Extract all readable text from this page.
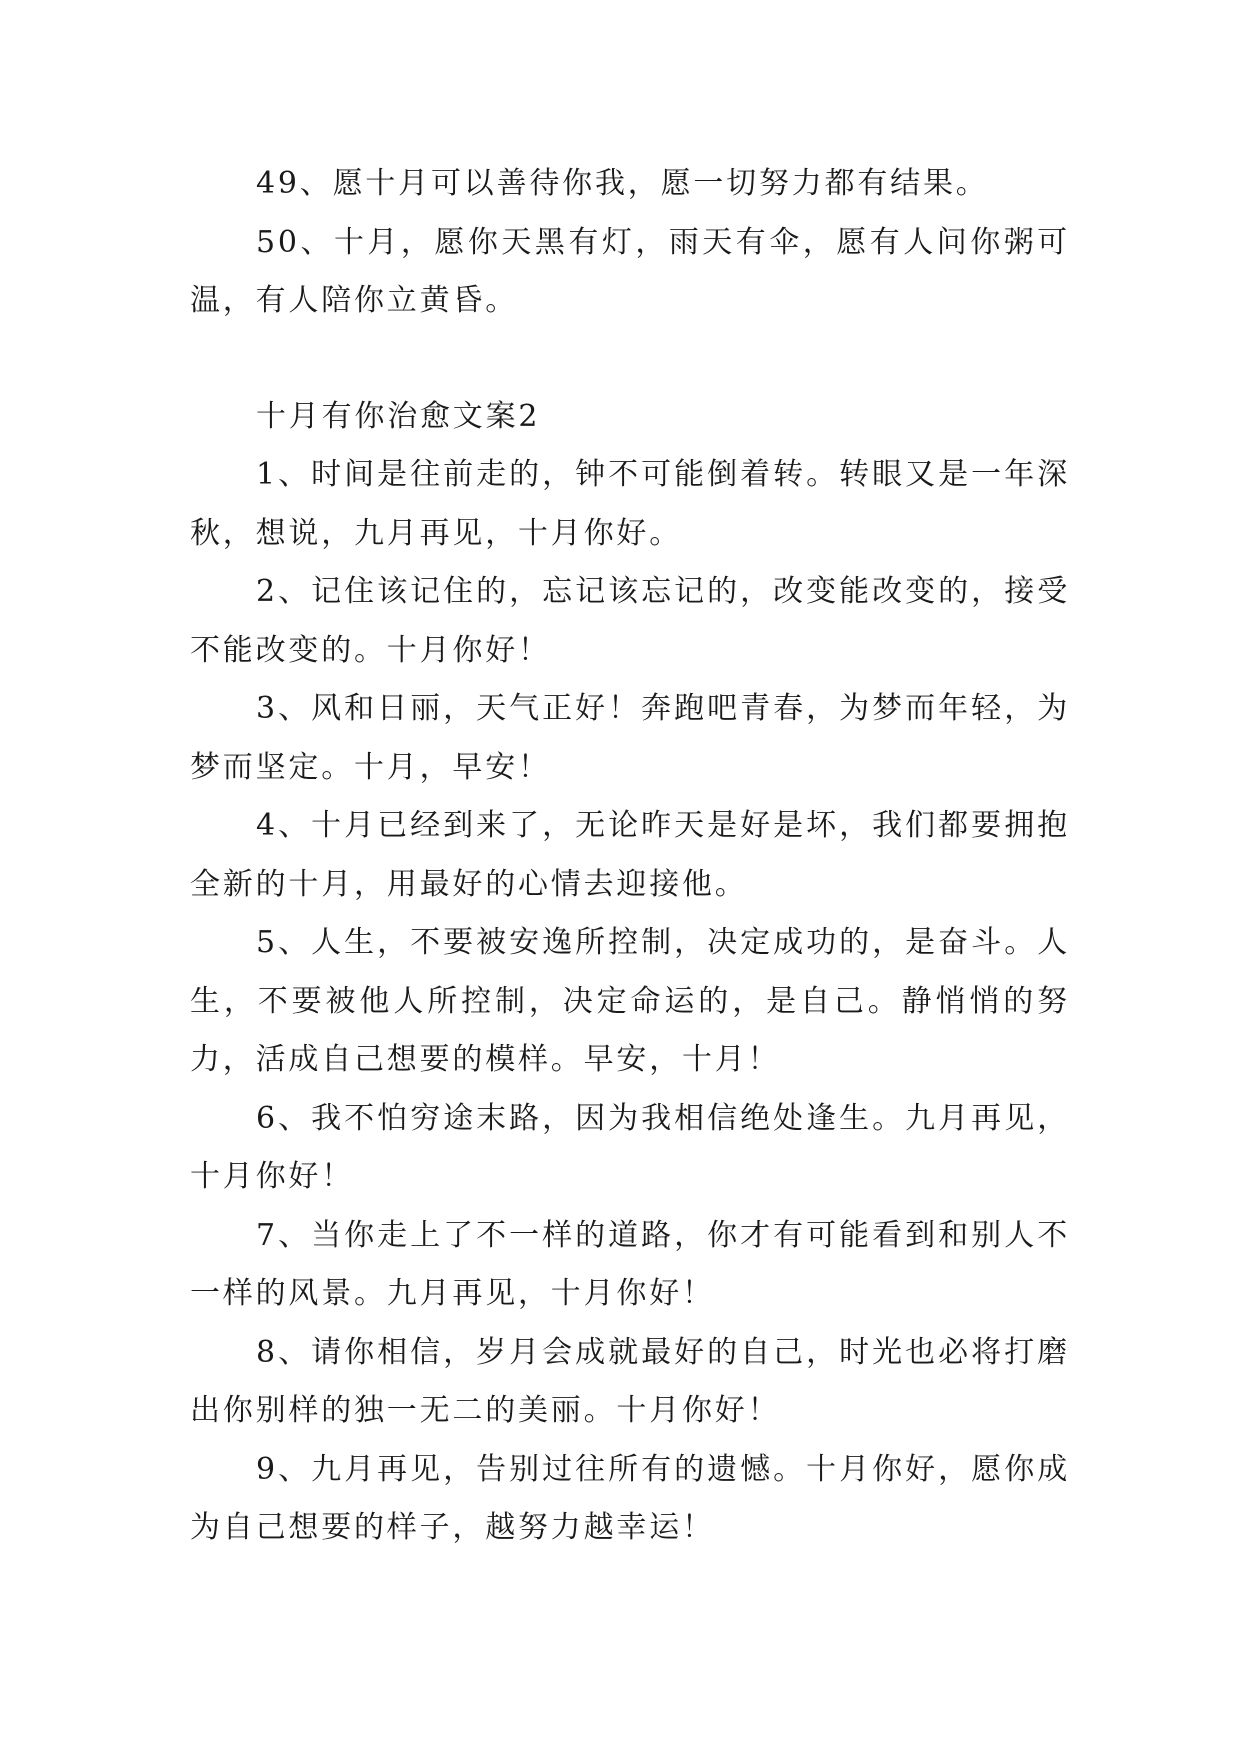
49、愿十月可以善待你我，愿一切努力都有结果。

50、十月，愿你天黑有灯，雨天有伞，愿有人问你粥可温，有人陪你立黄昏。

十月有你治愈文案2

1、时间是往前走的，钟不可能倒着转。转眼又是一年深秋，想说，九月再见，十月你好。

2、记住该记住的，忘记该忘记的，改变能改变的，接受不能改变的。十月你好！

3、风和日丽，天气正好！奔跑吧青春，为梦而年轻，为梦而坚定。十月，早安！

4、十月已经到来了，无论昨天是好是坏，我们都要拥抱全新的十月，用最好的心情去迎接他。

5、人生，不要被安逸所控制，决定成功的，是奋斗。人生，不要被他人所控制，决定命运的，是自己。静悄悄的努力，活成自己想要的模样。早安，十月！

6、我不怕穷途末路，因为我相信绝处逢生。九月再见，十月你好！

7、当你走上了不一样的道路，你才有可能看到和别人不一样的风景。九月再见，十月你好！

8、请你相信，岁月会成就最好的自己，时光也必将打磨出你别样的独一无二的美丽。十月你好！

9、九月再见，告别过往所有的遗憾。十月你好，愿你成为自己想要的样子，越努力越幸运！
